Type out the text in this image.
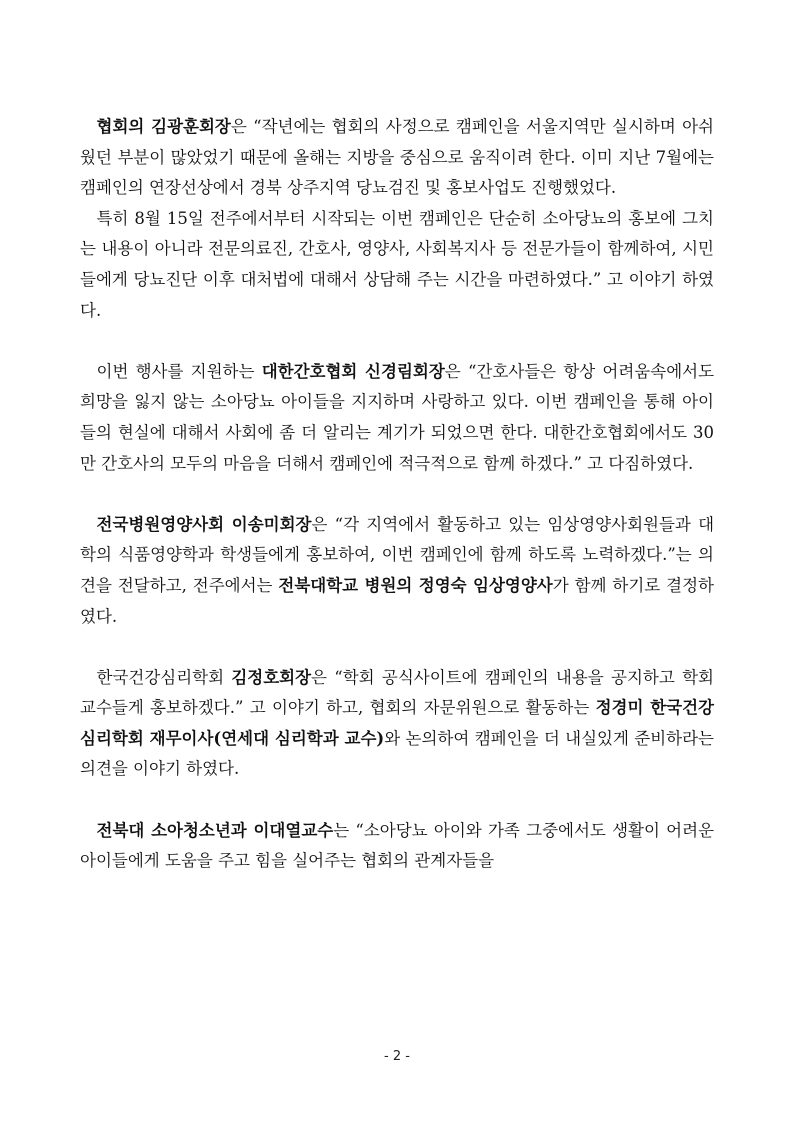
협회의 김광훈회장은 “작년에는 협회의 사정으로 캠페인을 서울지역만 실시하며 아쉬웠던 부분이 많았었기 때문에 올해는 지방을 중심으로 움직이려 한다. 이미 지난 7월에는 캠페인의 연장선상에서 경북 상주지역 당뇨검진 및 홍보사업도 진행했었다.

특히 8월 15일 전주에서부터 시작되는 이번 캠페인은 단순히 소아당뇨의 홍보에 그치는 내용이 아니라 전문의료진, 간호사, 영양사, 사회복지사 등 전문가들이 함께하여, 시민들에게 당뇨진단 이후 대처법에 대해서 상담해 주는 시간을 마련하였다.” 고 이야기 하였다.

이번 행사를 지원하는 대한간호협회 신경림회장은 “간호사들은 항상 어려움속에서도 희망을 잃지 않는 소아당뇨 아이들을 지지하며 사랑하고 있다. 이번 캠페인을 통해 아이들의 현실에 대해서 사회에 좀 더 알리는 계기가 되었으면 한다. 대한간호협회에서도 30만 간호사의 모두의 마음을 더해서 캠페인에 적극적으로 함께 하겠다.” 고 다짐하였다.

전국병원영양사회 이송미회장은 “각 지역에서 활동하고 있는 임상영양사회원들과 대학의 식품영양학과 학생들에게 홍보하여, 이번 캠페인에 함께 하도록 노력하겠다.”는 의견을 전달하고, 전주에서는 전북대학교 병원의 정영숙 임상영양사가 함께 하기로 결정하였다.

한국건강심리학회 김정호회장은 “학회 공식사이트에 캠페인의 내용을 공지하고 학회 교수들게 홍보하겠다.” 고 이야기 하고, 협회의 자문위원으로 활동하는 정경미 한국건강심리학회 재무이사(연세대 심리학과 교수)와 논의하여 캠페인을 더 내실있게 준비하라는 의견을 이야기 하였다.

전북대 소아청소년과 이대열교수는 “소아당뇨 아이와 가족 그중에서도 생활이 어려운 아이들에게 도움을 주고 힘을 실어주는 협회의 관계자들을

- 2 -
